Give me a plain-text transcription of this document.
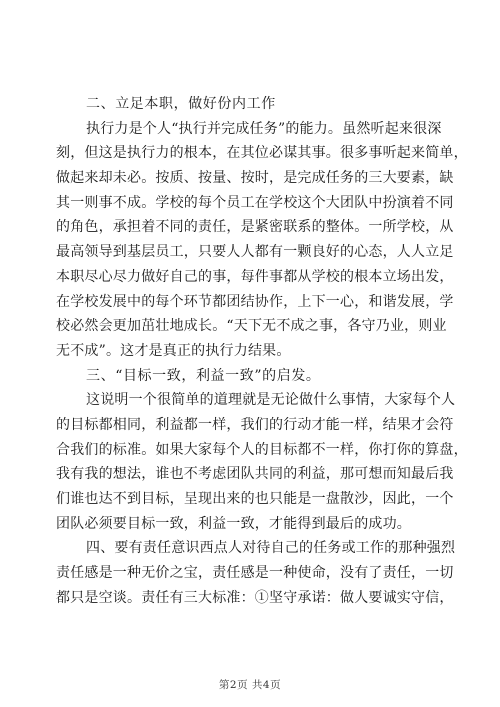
二、立足本职，做好份内工作
执行力是个人“执行并完成任务”的能力。虽然听起来很深
刻，但这是执行力的根本，在其位必谋其事。很多事听起来简单，
做起来却未必。按质、按量、按时，是完成任务的三大要素，缺
其一则事不成。学校的每个员工在学校这个大团队中扮演着不同
的角色，承担着不同的责任，是紧密联系的整体。一所学校，从
最高领导到基层员工，只要人人都有一颗良好的心态，人人立足
本职尽心尽力做好自己的事，每件事都从学校的根本立场出发，
在学校发展中的每个环节都团结协作，上下一心，和谐发展，学
校必然会更加茁壮地成长。“天下无不成之事，各守乃业，则业
无不成”。这才是真正的执行力结果。
三、“目标一致，利益一致”的启发。
这说明一个很简单的道理就是无论做什么事情，大家每个人
的目标都相同，利益都一样，我们的行动才能一样，结果才会符
合我们的标准。如果大家每个人的目标都不一样，你打你的算盘，
我有我的想法，谁也不考虑团队共同的利益，那可想而知最后我
们谁也达不到目标，呈现出来的也只能是一盘散沙，因此，一个
团队必须要目标一致，利益一致，才能得到最后的成功。
四、要有责任意识西点人对待自己的任务或工作的那种强烈
责任感是一种无价之宝，责任感是一种使命，没有了责任，一切
都只是空谈。责任有三大标准：①坚守承诺：做人要诚实守信，
第2页 共4页
